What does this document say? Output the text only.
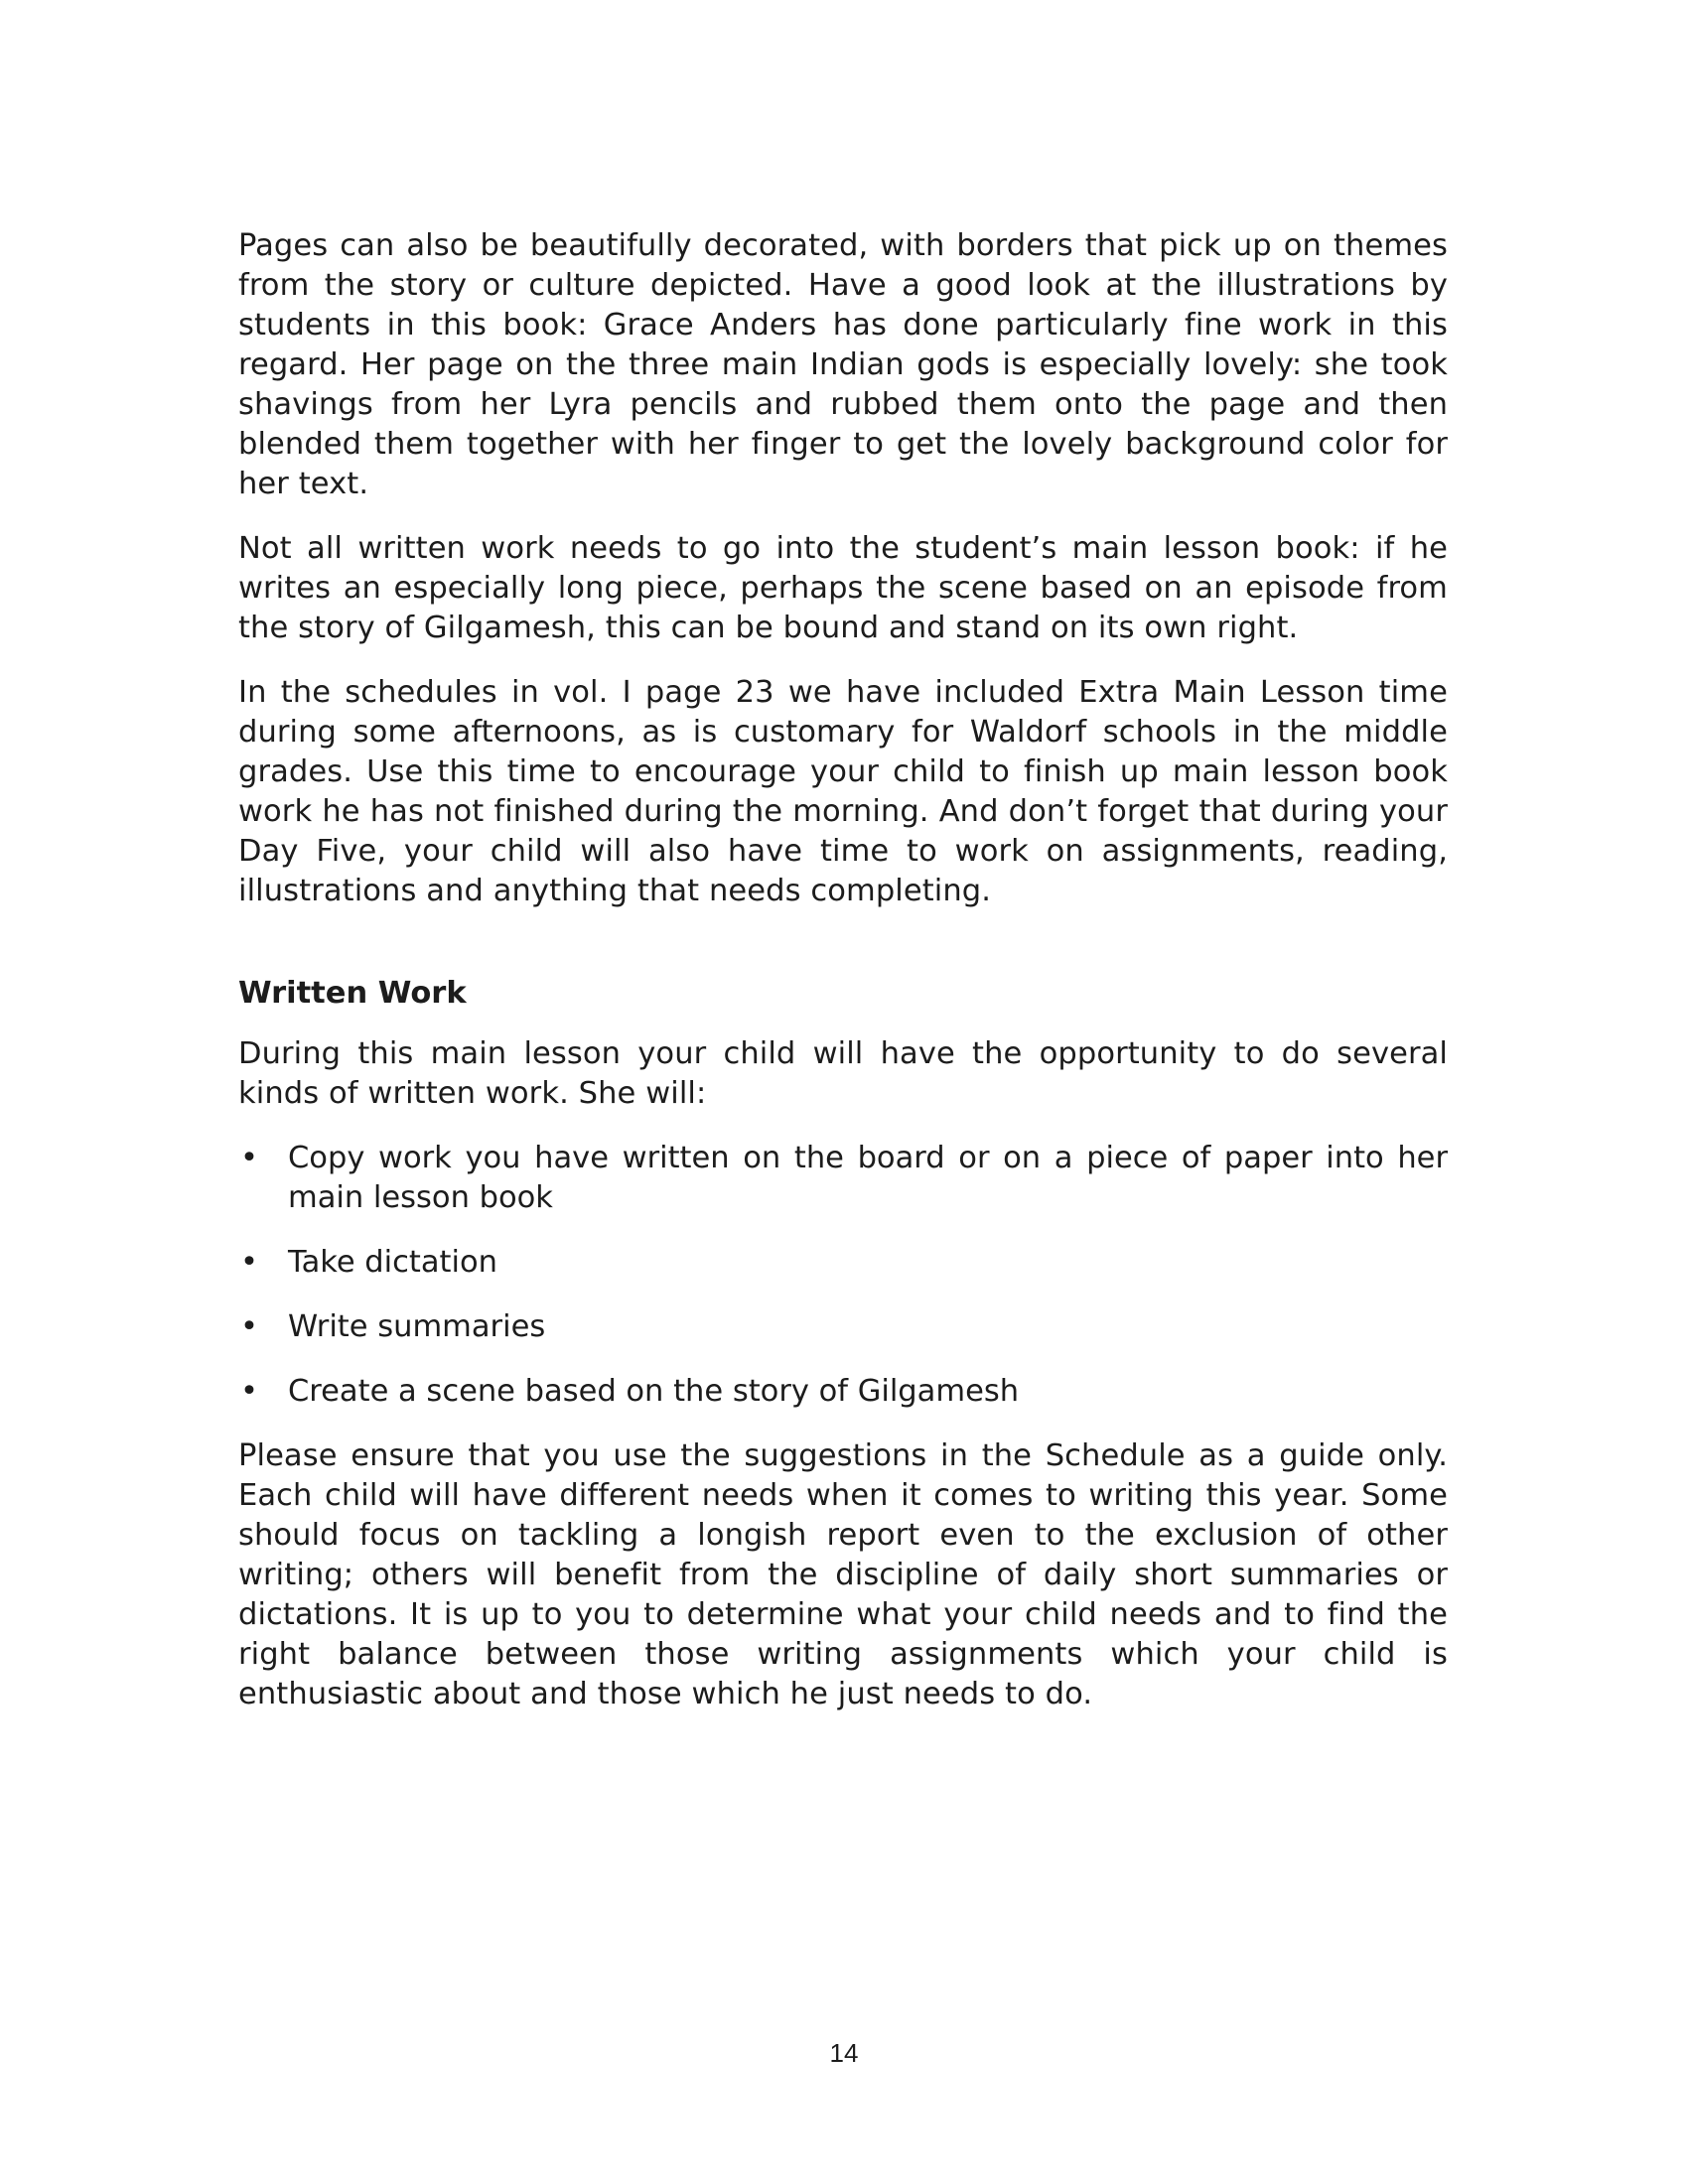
Pages can also be beautifully decorated, with borders that pick up on themes from the story or culture depicted. Have a good look at the illustrations by students in this book: Grace Anders has done particularly fine work in this regard. Her page on the three main Indian gods is especially lovely: she took shavings from her Lyra pencils and rubbed them onto the page and then blended them together with her finger to get the lovely background color for her text.

Not all written work needs to go into the student’s main lesson book: if he writes an especially long piece, perhaps the scene based on an episode from the story of Gilgamesh, this can be bound and stand on its own right.

In the schedules in vol. I page 23 we have included Extra Main Lesson time during some afternoons, as is customary for Waldorf schools in the middle grades. Use this time to encourage your child to finish up main lesson book work he has not finished during the morning. And don’t forget that during your Day Five, your child will also have time to work on assignments, reading, illustrations and anything that needs completing.

Written Work

During this main lesson your child will have the opportunity to do several kinds of written work. She will:

• Copy work you have written on the board or on a piece of paper into her main lesson book
• Take dictation
• Write summaries
• Create a scene based on the story of Gilgamesh

Please ensure that you use the suggestions in the Schedule as a guide only. Each child will have different needs when it comes to writing this year. Some should focus on tackling a longish report even to the exclusion of other writing; others will benefit from the discipline of daily short summaries or dictations. It is up to you to determine what your child needs and to find the right balance between those writing assignments which your child is enthusiastic about and those which he just needs to do.

14
